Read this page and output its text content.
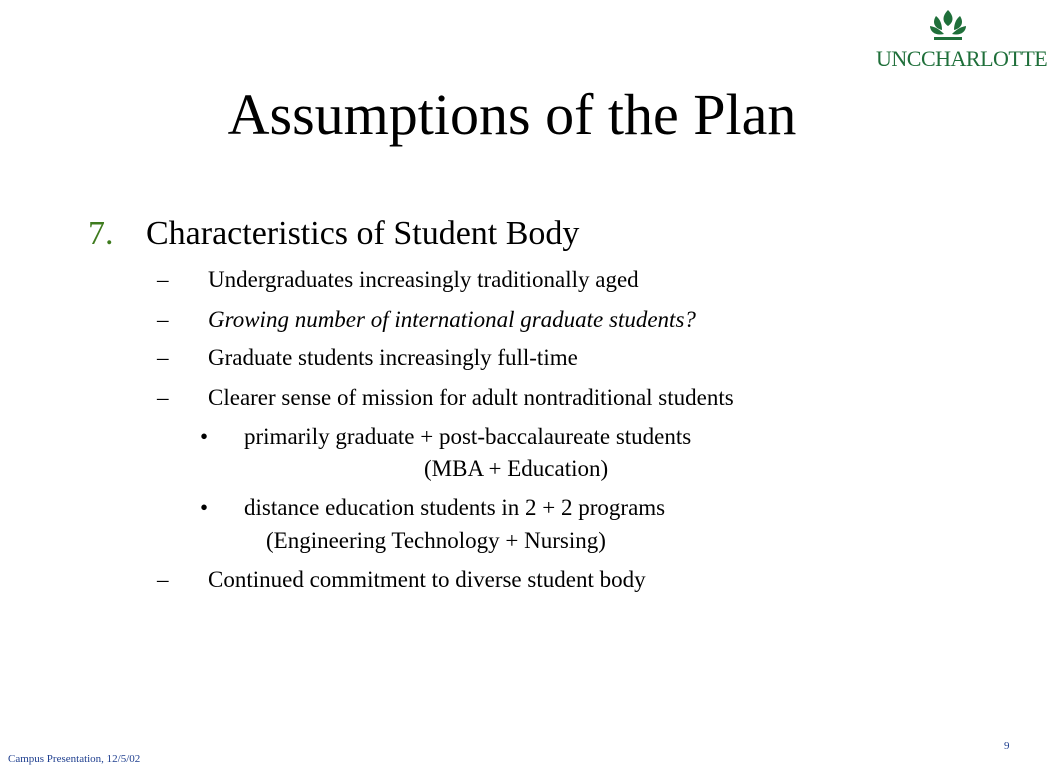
UNCCHARLOTTE
Assumptions of the Plan
7. Characteristics of Student Body
– Undergraduates increasingly traditionally aged
– Growing number of international graduate students?
– Graduate students increasingly full-time
– Clearer sense of mission for adult nontraditional students
• primarily graduate + post-baccalaureate students
(MBA + Education)
• distance education students in 2 + 2 programs
(Engineering Technology + Nursing)
– Continued commitment to diverse student body
Campus Presentation, 12/5/02
9
